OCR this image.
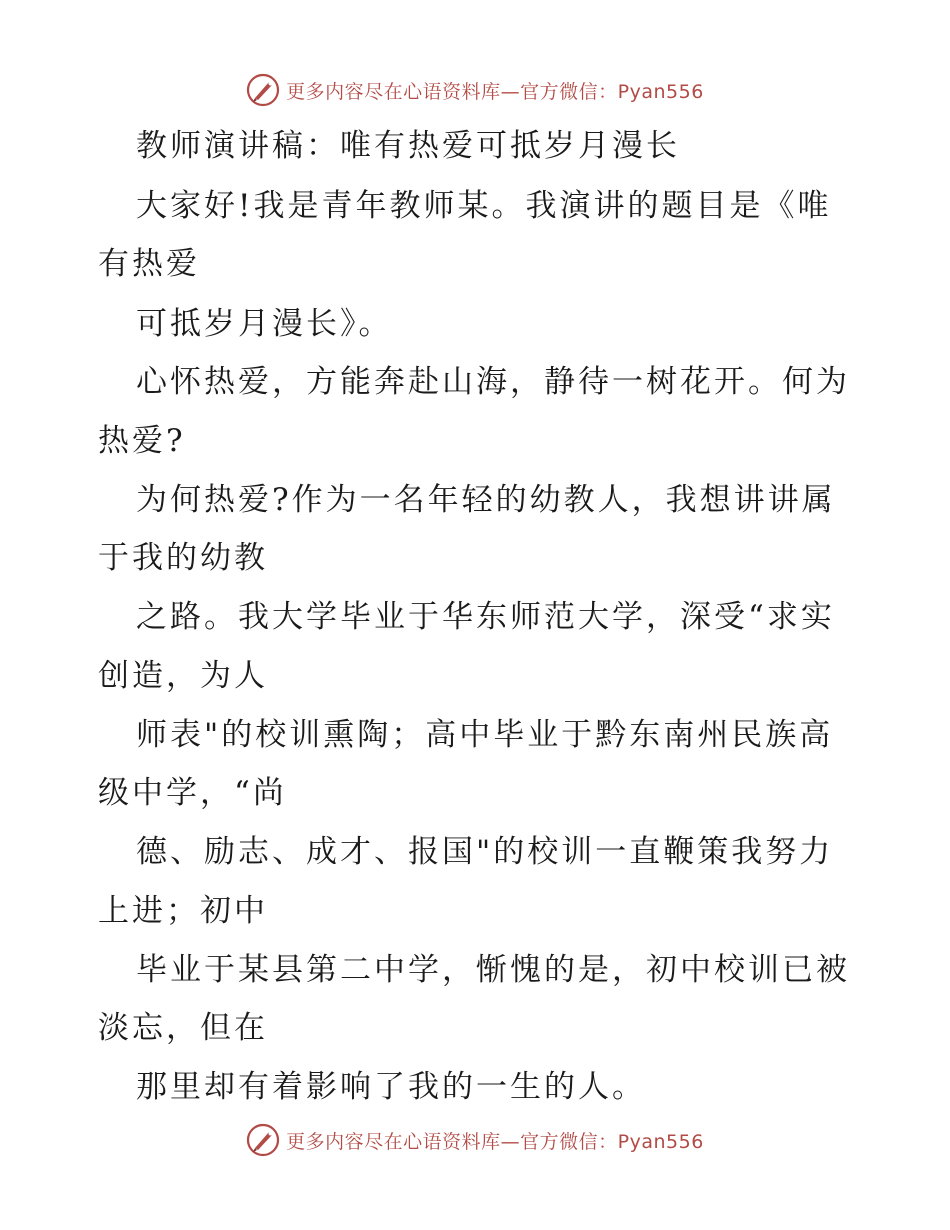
更多内容尽在心语资料库—官方微信：Pyan556
教师演讲稿：唯有热爱可抵岁月漫长
大家好!我是青年教师某。我演讲的题目是《唯
有热爱
可抵岁月漫长》。
心怀热爱，方能奔赴山海，静待一树花开。何为
热爱?
为何热爱?作为一名年轻的幼教人，我想讲讲属
于我的幼教
之路。我大学毕业于华东师范大学，深受“求实
创造，为人
师表"的校训熏陶；高中毕业于黔东南州民族高
级中学，“尚
德、励志、成才、报国"的校训一直鞭策我努力
上进；初中
毕业于某县第二中学，惭愧的是，初中校训已被
淡忘，但在
那里却有着影响了我的一生的人。
更多内容尽在心语资料库—官方微信：Pyan556
